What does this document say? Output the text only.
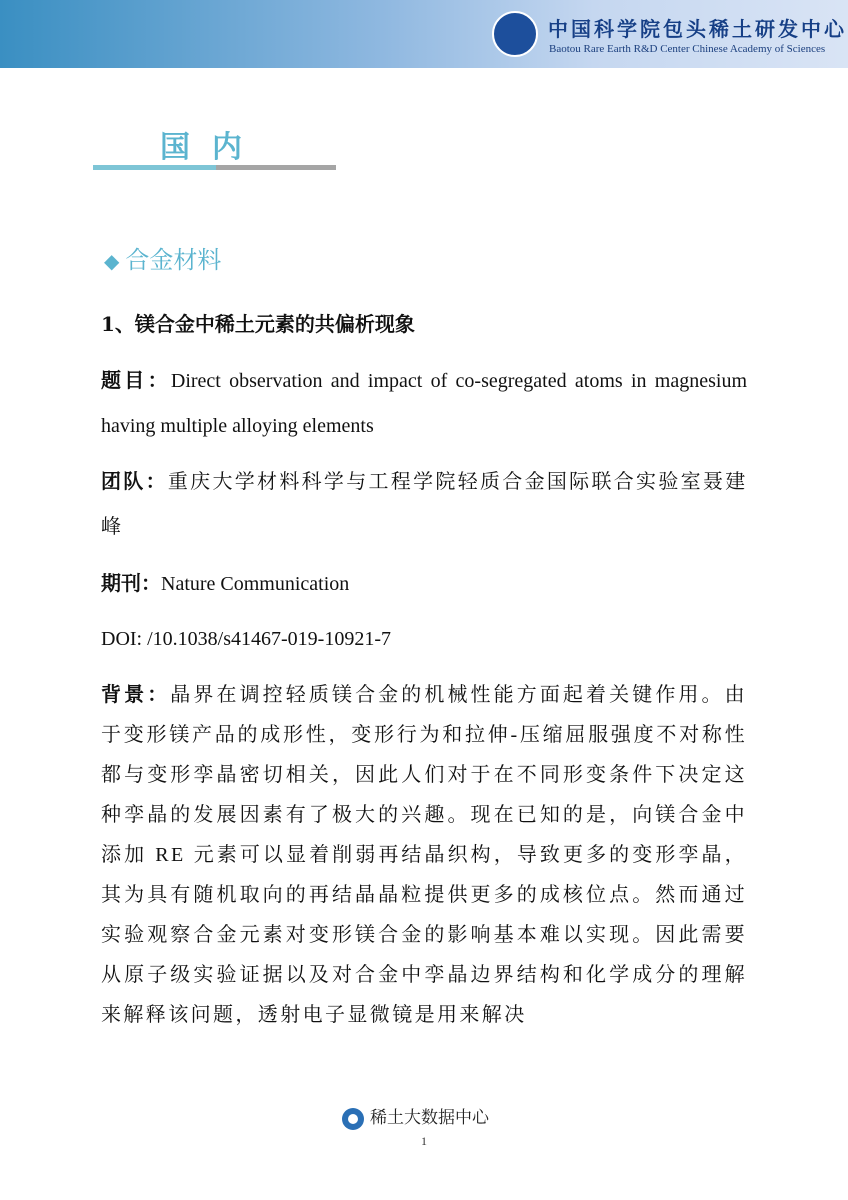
中国科学院包头稀土研发中心
Baotou Rare Earth R&D Center Chinese Academy of Sciences
国内
◆ 合金材料
1、镁合金中稀土元素的共偏析现象

题目：Direct observation and impact of co-segregated atoms in magnesium having multiple alloying elements

团队：重庆大学材料科学与工程学院轻质合金国际联合实验室聂建峰

期刊：Nature Communication

DOI: /10.1038/s41467-019-10921-7

背景：晶界在调控轻质镁合金的机械性能方面起着关键作用。由于变形镁产品的成形性，变形行为和拉伸-压缩屈服强度不对称性都与变形孪晶密切相关，因此人们对于在不同形变条件下决定这种孪晶的发展因素有了极大的兴趣。现在已知的是，向镁合金中添加 RE 元素可以显着削弱再结晶织构，导致更多的变形孪晶，其为具有随机取向的再结晶晶粒提供更多的成核位点。然而通过实验观察合金元素对变形镁合金的影响基本难以实现。因此需要从原子级实验证据以及对合金中孪晶边界结构和化学成分的理解来解释该问题，透射电子显微镜是用来解决

稀土大数据中心
1
